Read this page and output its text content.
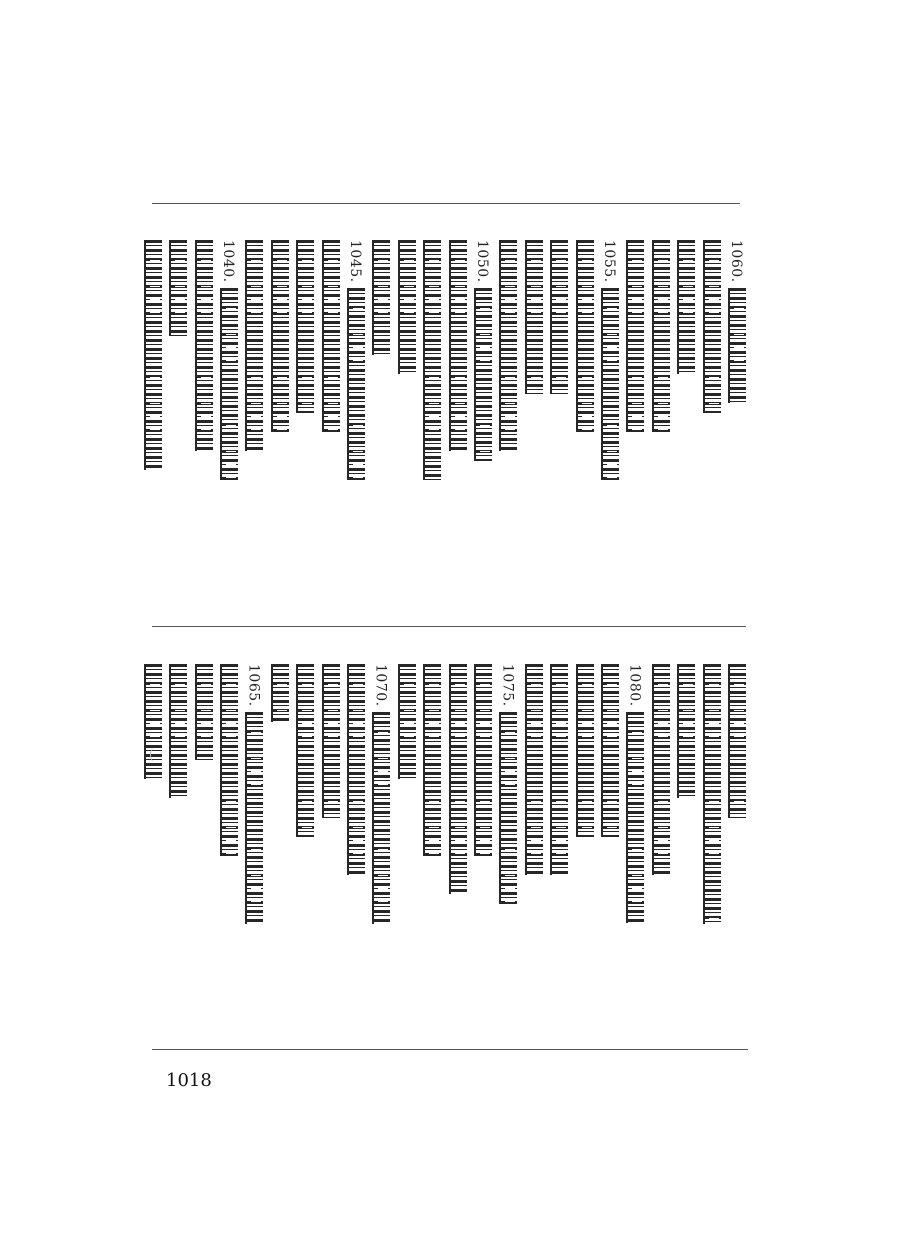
1060.
1055.
1050.
1045.
1040.
1080.
1075.
1070.
1065.
1018
